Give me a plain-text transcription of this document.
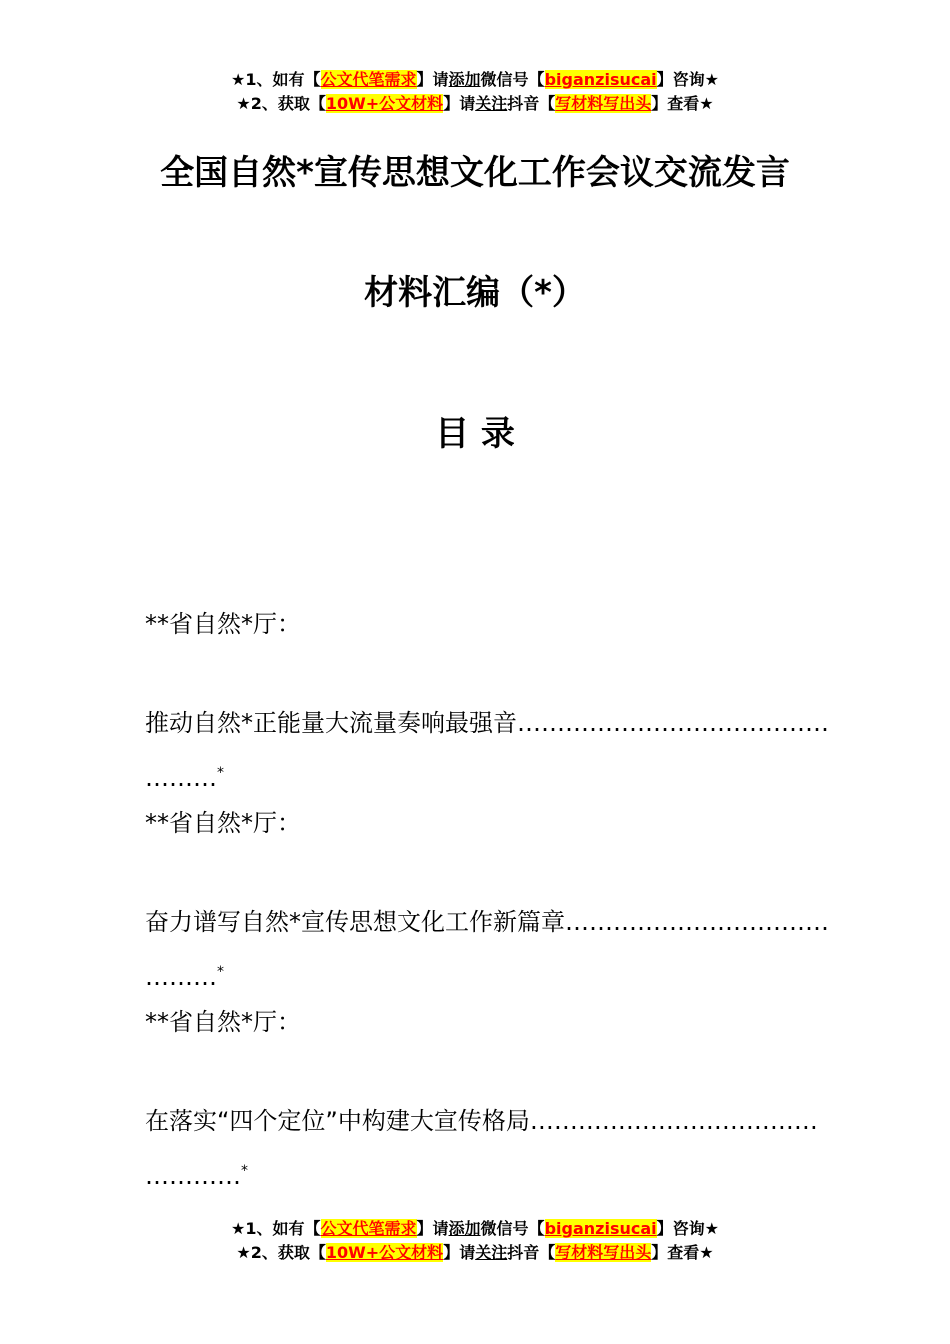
★1、如有【公文代笔需求】请添加微信号【biganzisucai】咨询★
★2、获取【10W+公文材料】请关注抖音【写材料写出头】查看★
全国自然*宣传思想文化工作会议交流发言
材料汇编（*）
目 录
**省自然*厅：
推动自然*正能量大流量奏响最强音…………………………………
………*
**省自然*厅：
奋力谱写自然*宣传思想文化工作新篇章……………………………
………*
**省自然*厅：
在落实“四个定位”中构建大宣传格局………………………………
…………*
★1、如有【公文代笔需求】请添加微信号【biganzisucai】咨询★
★2、获取【10W+公文材料】请关注抖音【写材料写出头】查看★
